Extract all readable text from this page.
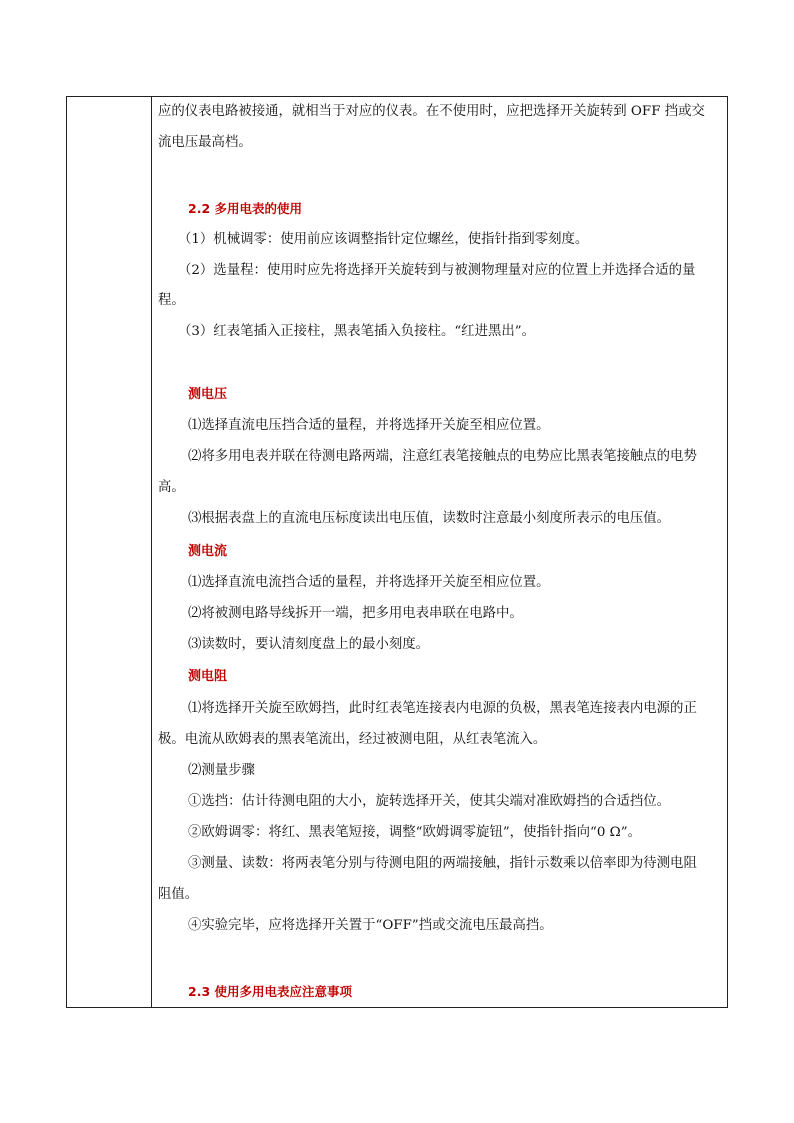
应的仪表电路被接通，就相当于对应的仪表。在不使用时，应把选择开关旋转到 OFF 挡或交
流电压最高档。
2.2 多用电表的使用
（1）机械调零：使用前应该调整指针定位螺丝，使指针指到零刻度。
（2）选量程：使用时应先将选择开关旋转到与被测物理量对应的位置上并选择合适的量
程。
（3）红表笔插入正接柱，黑表笔插入负接柱。“红进黑出”。
测电压
⑴选择直流电压挡合适的量程，并将选择开关旋至相应位置。
⑵将多用电表并联在待测电路两端，注意红表笔接触点的电势应比黑表笔接触点的电势
高。
⑶根据表盘上的直流电压标度读出电压值，读数时注意最小刻度所表示的电压值。
测电流
⑴选择直流电流挡合适的量程，并将选择开关旋至相应位置。
⑵将被测电路导线拆开一端，把多用电表串联在电路中。
⑶读数时，要认清刻度盘上的最小刻度。
测电阻
⑴将选择开关旋至欧姆挡，此时红表笔连接表内电源的负极，黑表笔连接表内电源的正
极。电流从欧姆表的黑表笔流出，经过被测电阻，从红表笔流入。
⑵测量步骤
①选挡：估计待测电阻的大小，旋转选择开关，使其尖端对准欧姆挡的合适挡位。
②欧姆调零：将红、黑表笔短接，调整“欧姆调零旋钮”，使指针指向“0 Ω”。
③测量、读数：将两表笔分别与待测电阻的两端接触，指针示数乘以倍率即为待测电阻
阻值。
④实验完毕，应将选择开关置于“OFF”挡或交流电压最高挡。
2.3 使用多用电表应注意事项
